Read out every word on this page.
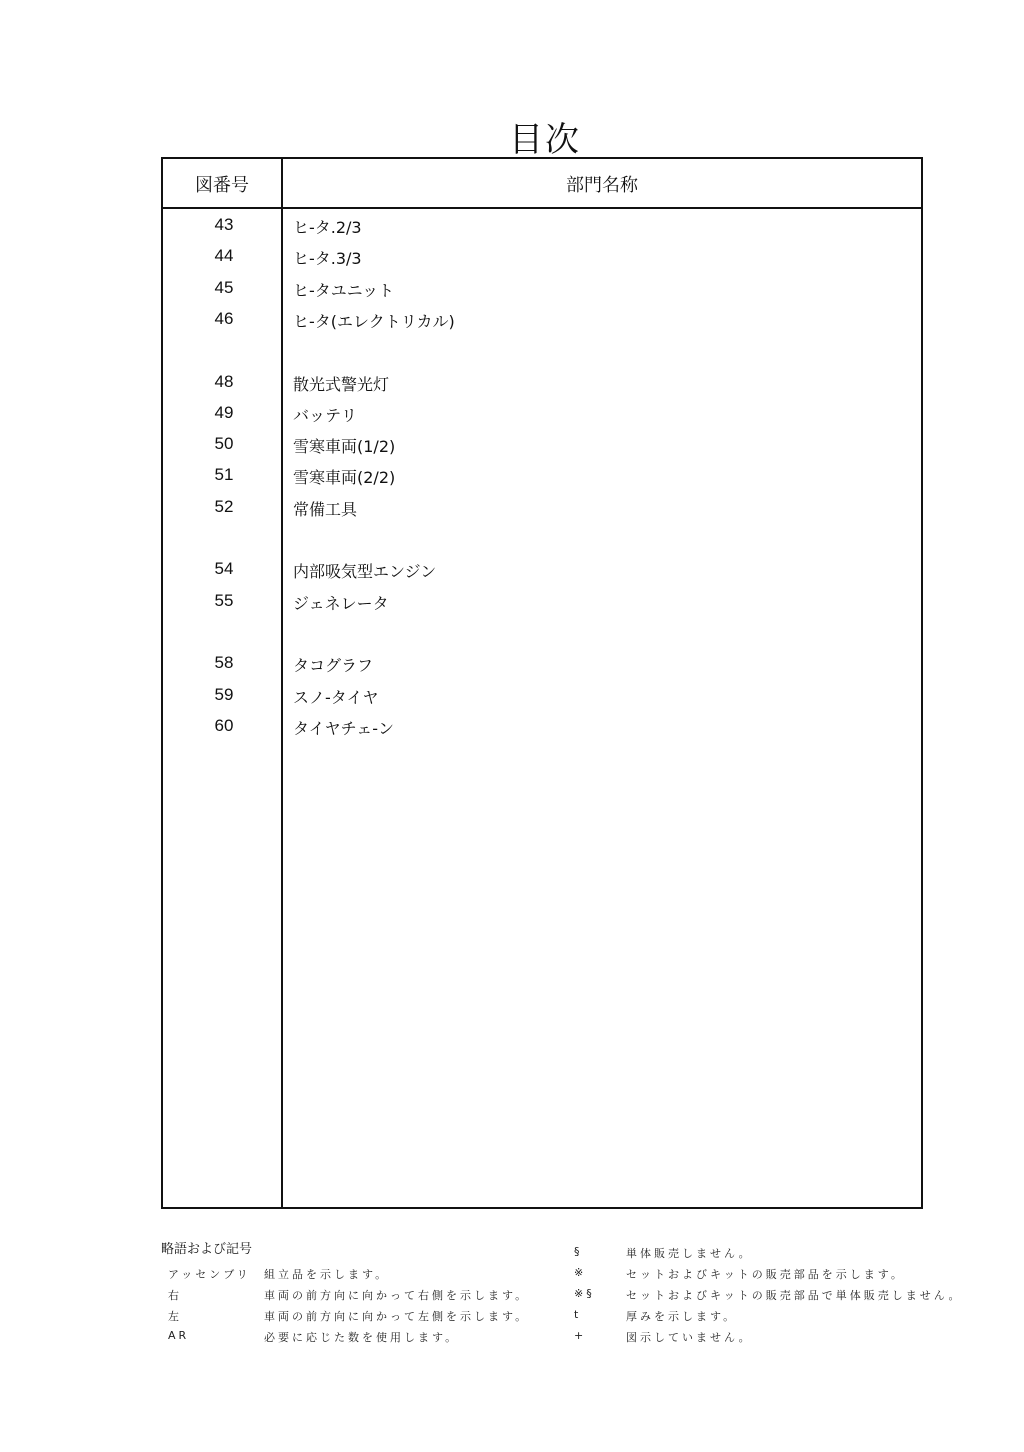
目次
図番号	部門名称
43	ヒ-タ.2/3
44	ヒ-タ.3/3
45	ヒ-タユニット
46	ヒ-タ(エレクトリカル)
48	散光式警光灯
49	バッテリ
50	雪寒車両(1/2)
51	雪寒車両(2/2)
52	常備工具
54	内部吸気型エンジン
55	ジェネレータ
58	タコグラフ
59	スノ-タイヤ
60	タイヤチェ-ン
略語および記号
アッセンブリ 組立品を示します。
右	車両の前方向に向かって右側を示します。
左	車両の前方向に向かって左側を示します。
AR	必要に応じた数を使用します。
§	単体販売しません。
※	セットおよびキットの販売部品を示します。
※§	セットおよびキットの販売部品で単体販売しません。
t	厚みを示します。
+	図示していません。
